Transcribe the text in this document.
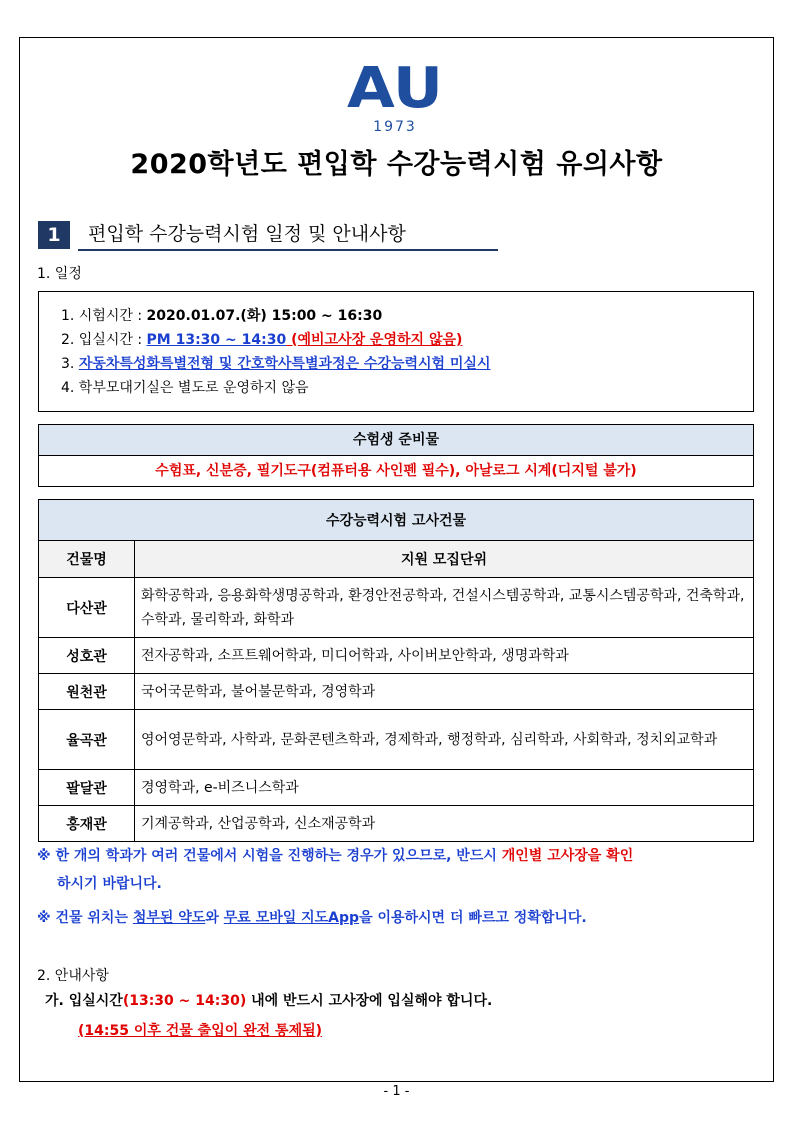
AU
1973
2020학년도 편입학 수강능력시험 유의사항
1	편입학 수강능력시험 일정 및 안내사항
1. 일정
1. 시험시간 : 2020.01.07.(화) 15:00 ~ 16:30
2. 입실시간 : PM 13:30 ~ 14:30 (예비고사장 운영하지 않음)
3. 자동차특성화특별전형 및 간호학사특별과정은 수강능력시험 미실시
4. 학부모대기실은 별도로 운영하지 않음
수험생 준비물
수험표, 신분증, 필기도구(컴퓨터용 사인펜 필수), 아날로그 시계(디지털 불가)
수강능력시험 고사건물	
건물명	지원 모집단위
다산관	화학공학과, 응용화학생명공학과, 환경안전공학과, 건설시스템공학과, 교통시스템공학과, 건축학과, 수학과, 물리학과, 화학과
성호관	전자공학과, 소프트웨어학과, 미디어학과, 사이버보안학과, 생명과학과
원천관	국어국문학과, 불어불문학과, 경영학과
율곡관	영어영문학과, 사학과, 문화콘텐츠학과, 경제학과, 행정학과, 심리학과, 사회학과, 정치외교학과
팔달관	경영학과, e-비즈니스학과
홍재관	기계공학과, 산업공학과, 신소재공학과
※ 한 개의 학과가 여러 건물에서 시험을 진행하는 경우가 있으므로, 반드시 개인별 고사장을 확인
하시기 바랍니다.
※ 건물 위치는 첨부된 약도와 무료 모바일 지도App을 이용하시면 더 빠르고 정확합니다.
2. 안내사항
가. 입실시간(13:30 ~ 14:30) 내에 반드시 고사장에 입실해야 합니다.
(14:55 이후 건물 출입이 완전 통제됨)
- 1 -
